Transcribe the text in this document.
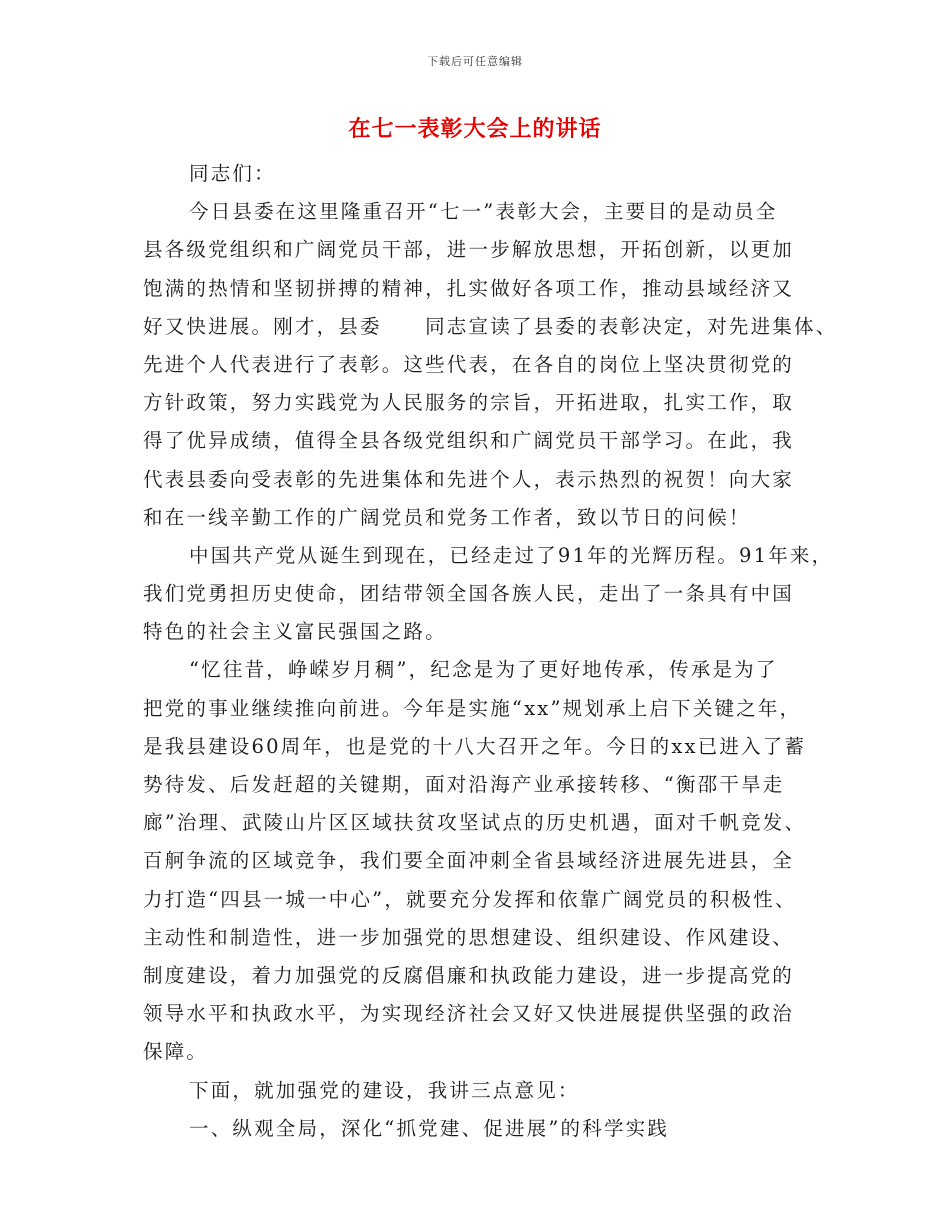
下载后可任意编辑
在七一表彰大会上的讲话
同志们：
今日县委在这里隆重召开“七一”表彰大会，主要目的是动员全
县各级党组织和广阔党员干部，进一步解放思想，开拓创新，以更加
饱满的热情和坚韧拼搏的精神，扎实做好各项工作，推动县域经济又
好又快进展。刚才，县委　　同志宣读了县委的表彰决定，对先进集体、
先进个人代表进行了表彰。这些代表，在各自的岗位上坚决贯彻党的
方针政策，努力实践党为人民服务的宗旨，开拓进取，扎实工作，取
得了优异成绩，值得全县各级党组织和广阔党员干部学习。在此，我
代表县委向受表彰的先进集体和先进个人，表示热烈的祝贺！向大家
和在一线辛勤工作的广阔党员和党务工作者，致以节日的问候！
中国共产党从诞生到现在，已经走过了91年的光辉历程。91年来，
我们党勇担历史使命，团结带领全国各族人民，走出了一条具有中国
特色的社会主义富民强国之路。
“忆往昔，峥嵘岁月稠”，纪念是为了更好地传承，传承是为了
把党的事业继续推向前进。今年是实施“xx”规划承上启下关键之年，
是我县建设60周年，也是党的十八大召开之年。今日的xx已进入了蓄
势待发、后发赶超的关键期，面对沿海产业承接转移、“衡邵干旱走
廊”治理、武陵山片区区域扶贫攻坚试点的历史机遇，面对千帆竞发、
百舸争流的区域竞争，我们要全面冲刺全省县域经济进展先进县，全
力打造“四县一城一中心”，就要充分发挥和依靠广阔党员的积极性、
主动性和制造性，进一步加强党的思想建设、组织建设、作风建设、
制度建设，着力加强党的反腐倡廉和执政能力建设，进一步提高党的
领导水平和执政水平，为实现经济社会又好又快进展提供坚强的政治
保障。
下面，就加强党的建设，我讲三点意见：
一、纵观全局，深化“抓党建、促进展”的科学实践
